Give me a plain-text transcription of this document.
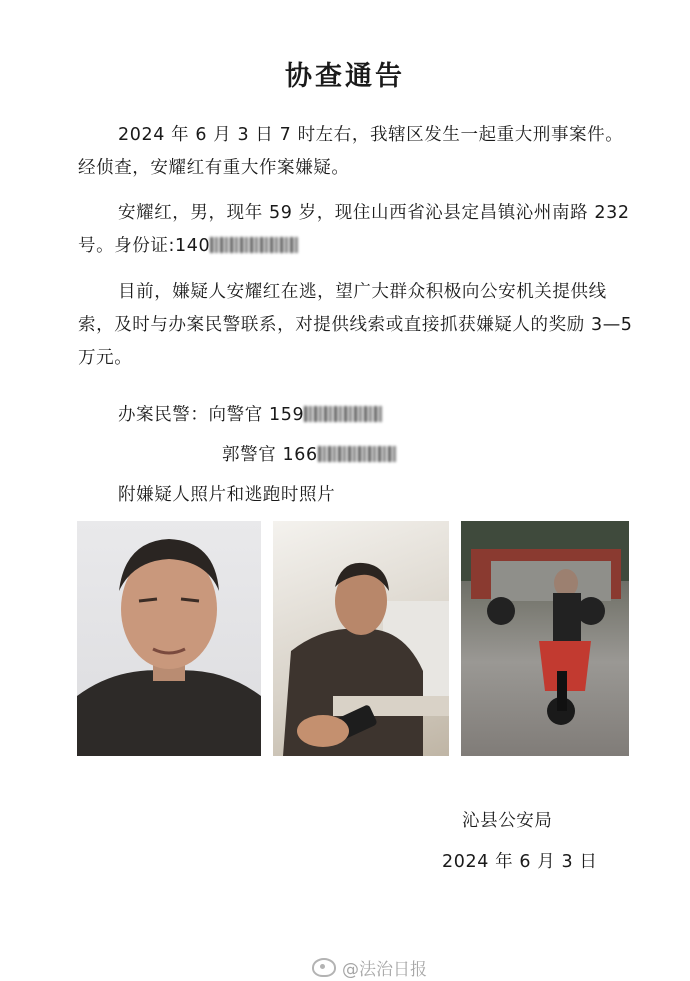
协查通告
2024 年 6 月 3 日 7 时左右，我辖区发生一起重大刑事案件。经侦查，安耀红有重大作案嫌疑。
安耀红，男，现年 59 岁，现住山西省沁县定昌镇沁州南路 232 号。身份证:140
目前，嫌疑人安耀红在逃，望广大群众积极向公安机关提供线索，及时与办案民警联系，对提供线索或直接抓获嫌疑人的奖励 3—5 万元。
办案民警：向警官 159
郭警官 166
附嫌疑人照片和逃跑时照片
沁县公安局
2024 年 6 月 3 日
@法治日报
